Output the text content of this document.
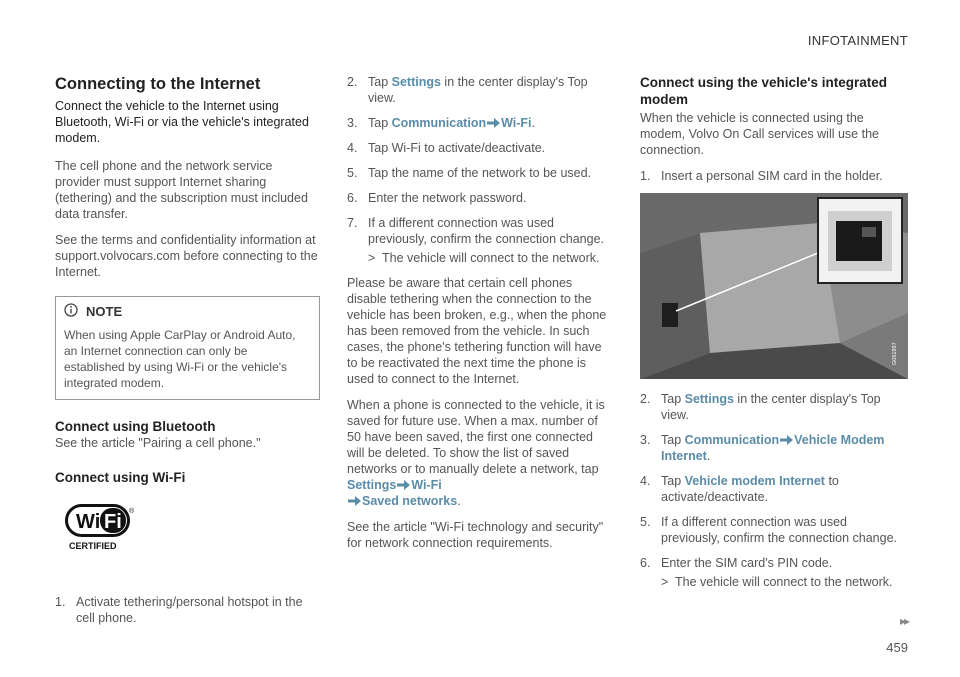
INFOTAINMENT
Connecting to the Internet
Connect the vehicle to the Internet using Bluetooth, Wi-Fi or via the vehicle's integrated modem.

The cell phone and the network service provider must support Internet sharing (tethering) and the subscription must included data transfer.

See the terms and confidentiality information at support.volvocars.com before connecting to the Internet.

NOTE
When using Apple CarPlay or Android Auto, an Internet connection can only be established by using Wi-Fi or the vehicle's integrated modem.
Connect using Bluetooth

See the article "Pairing a cell phone."

Connect using Wi-Fi
Wi Fi ®
CERTIFIED
1. Activate tethering/personal hotspot in the cell phone.
2. Tap Settings in the center display's Top view.
3. Tap Communication Wi-Fi.
4. Tap Wi-Fi to activate/deactivate.
5. Tap the name of the network to be used.
6. Enter the network password.
7. If a different connection was used previously, confirm the connection change.
> The vehicle will connect to the network.

Please be aware that certain cell phones disable tethering when the connection to the vehicle has been broken, e.g., when the phone has been removed from the vehicle. In such cases, the phone's tethering function will have to be reactivated the next time the phone is used to connect to the Internet.

When a phone is connected to the vehicle, it is saved for future use. When a max. number of 50 have been saved, the first one connected will be deleted. To show the list of saved networks or to manually delete a network, tap Settings Wi-Fi
Saved networks.

See the article "Wi-Fi technology and security" for network connection requirements.

Connect using the vehicle's integrated modem

When the vehicle is connected using the modem, Volvo On Call services will use the connection.

1. Insert a personal SIM card in the holder.
G051997
2. Tap Settings in the center display's Top view.
3. Tap Communication Vehicle Modem Internet.
4. Tap Vehicle modem Internet to activate/deactivate.
5. If a different connection was used previously, confirm the connection change.
6. Enter the SIM card's PIN code.
> The vehicle will connect to the network.
▸▸
459
